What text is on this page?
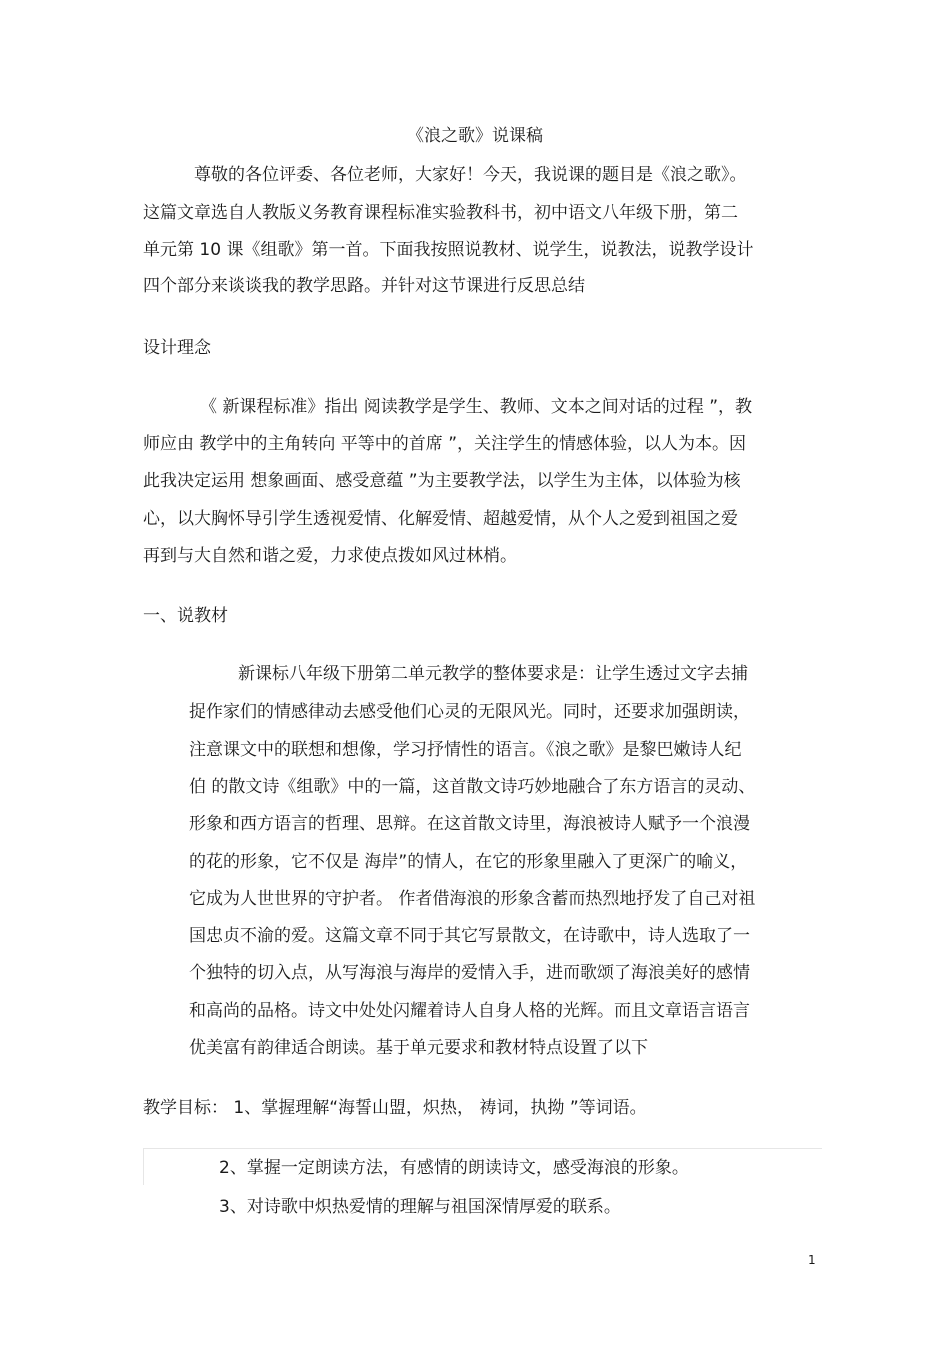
《浪之歌》说课稿
尊敬的各位评委、各位老师，大家好！今天，我说课的题目是《浪之歌》。
这篇文章选自人教版义务教育课程标准实验教科书，初中语文八年级下册，第二
单元第 10 课《组歌》第一首。下面我按照说教材、说学生，说教法，说教学设计
四个部分来谈谈我的教学思路。并针对这节课进行反思总结
设计理念
《 新课程标准》指出 阅读教学是学生、教师、文本之间对话的过程 ”，教
师应由 教学中的主角转向 平等中的首席 ”，关注学生的情感体验，以人为本。因
此我决定运用 想象画面、感受意蕴 ”为主要教学法，以学生为主体，以体验为核
心，以大胸怀导引学生透视爱情、化解爱情、超越爱情，从个人之爱到祖国之爱
再到与大自然和谐之爱，力求使点拨如风过林梢。
一、说教材
新课标八年级下册第二单元教学的整体要求是：让学生透过文字去捕
捉作家们的情感律动去感受他们心灵的无限风光。同时，还要求加强朗读，
注意课文中的联想和想像，学习抒情性的语言。《浪之歌》是黎巴嫩诗人纪
伯 的散文诗《组歌》中的一篇，这首散文诗巧妙地融合了东方语言的灵动、
形象和西方语言的哲理、思辩。在这首散文诗里，海浪被诗人赋予一个浪漫
的花的形象，它不仅是 海岸”的情人，在它的形象里融入了更深广的喻义，
它成为人世世界的守护者。 作者借海浪的形象含蓄而热烈地抒发了自己对祖
国忠贞不渝的爱。这篇文章不同于其它写景散文，在诗歌中，诗人选取了一
个独特的切入点，从写海浪与海岸的爱情入手，进而歌颂了海浪美好的感情
和高尚的品格。诗文中处处闪耀着诗人自身人格的光辉。而且文章语言语言
优美富有韵律适合朗读。基于单元要求和教材特点设置了以下
教学目标： 1、掌握理解“海誓山盟，炽热， 祷词，执拗 ”等词语。
2、掌握一定朗读方法，有感情的朗读诗文，感受海浪的形象。
3、对诗歌中炽热爱情的理解与祖国深情厚爱的联系。
1
